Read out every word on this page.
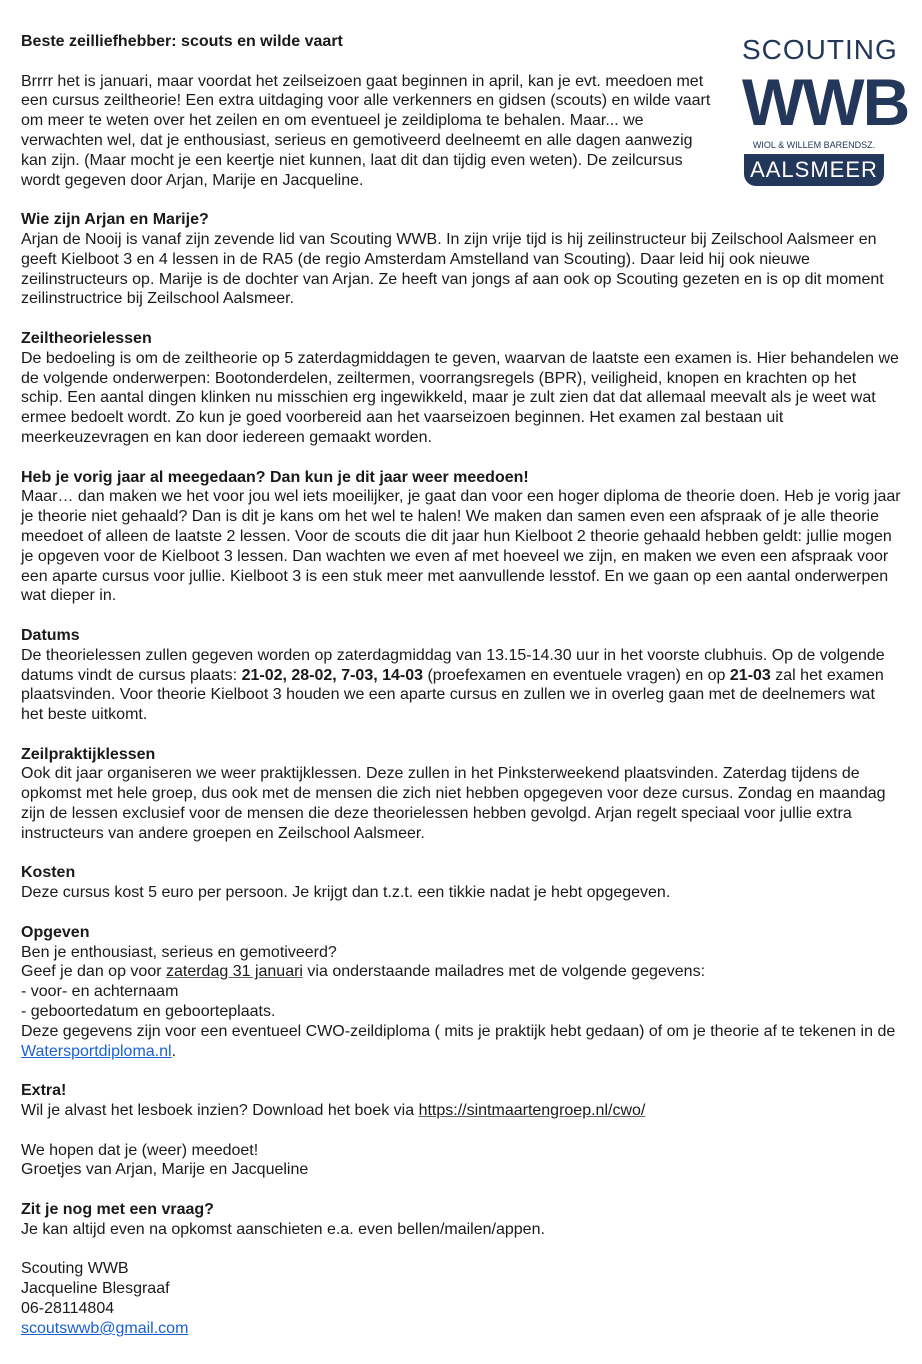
SCOUTING
WWB
WIOL & WILLEM BARENDSZ.
AALSMEER

Beste zeilliefhebber: scouts en wilde vaart

Brrrr het is januari, maar voordat het zeilseizoen gaat beginnen in april, kan je evt. meedoen met een cursus zeiltheorie! Een extra uitdaging voor alle verkenners en gidsen (scouts) en wilde vaart om meer te weten over het zeilen en om eventueel je zeildiploma te behalen. Maar... we verwachten wel, dat je enthousiast, serieus en gemotiveerd deelneemt en alle dagen aanwezig kan zijn. (Maar mocht je een keertje niet kunnen, laat dit dan tijdig even weten). De zeilcursus wordt gegeven door Arjan, Marije en Jacqueline.

Wie zijn Arjan en Marije?

Arjan de Nooij is vanaf zijn zevende lid van Scouting WWB. In zijn vrije tijd is hij zeilinstructeur bij Zeilschool Aalsmeer en geeft Kielboot 3 en 4 lessen in de RA5 (de regio Amsterdam Amstelland van Scouting). Daar leid hij ook nieuwe zeilinstructeurs op. Marije is de dochter van Arjan. Ze heeft van jongs af aan ook op Scouting gezeten en is op dit moment zeilinstructrice bij Zeilschool Aalsmeer.

Zeiltheorielessen

De bedoeling is om de zeiltheorie op 5 zaterdagmiddagen te geven, waarvan de laatste een examen is. Hier behandelen we de volgende onderwerpen: Bootonderdelen, zeiltermen, voorrangsregels (BPR), veiligheid, knopen en krachten op het schip. Een aantal dingen klinken nu misschien erg ingewikkeld, maar je zult zien dat dat allemaal meevalt als je weet wat ermee bedoelt wordt. Zo kun je goed voorbereid aan het vaarseizoen beginnen. Het examen zal bestaan uit meerkeuzevragen en kan door iedereen gemaakt worden.

Heb je vorig jaar al meegedaan? Dan kun je dit jaar weer meedoen!

Maar… dan maken we het voor jou wel iets moeilijker, je gaat dan voor een hoger diploma de theorie doen. Heb je vorig jaar je theorie niet gehaald? Dan is dit je kans om het wel te halen! We maken dan samen even een afspraak of je alle theorie meedoet of alleen de laatste 2 lessen. Voor de scouts die dit jaar hun Kielboot 2 theorie gehaald hebben geldt: jullie mogen je opgeven voor de Kielboot 3 lessen. Dan wachten we even af met hoeveel we zijn, en maken we even een afspraak voor een aparte cursus voor jullie. Kielboot 3 is een stuk meer met aanvullende lesstof. En we gaan op een aantal onderwerpen wat dieper in.

Datums

De theorielessen zullen gegeven worden op zaterdagmiddag van 13.15-14.30 uur in het voorste clubhuis. Op de volgende datums vindt de cursus plaats: 21-02, 28-02, 7-03, 14-03 (proefexamen en eventuele vragen) en op 21-03 zal het examen plaatsvinden. Voor theorie Kielboot 3 houden we een aparte cursus en zullen we in overleg gaan met de deelnemers wat het beste uitkomt.

Zeilpraktijklessen

Ook dit jaar organiseren we weer praktijklessen. Deze zullen in het Pinksterweekend plaatsvinden. Zaterdag tijdens de opkomst met hele groep, dus ook met de mensen die zich niet hebben opgegeven voor deze cursus. Zondag en maandag zijn de lessen exclusief voor de mensen die deze theorielessen hebben gevolgd. Arjan regelt speciaal voor jullie extra instructeurs van andere groepen en Zeilschool Aalsmeer.

Kosten

Deze cursus kost 5 euro per persoon. Je krijgt dan t.z.t. een tikkie nadat je hebt opgegeven.

Opgeven

Ben je enthousiast, serieus en gemotiveerd?
Geef je dan op voor zaterdag 31 januari via onderstaande mailadres met de volgende gegevens:
- voor- en achternaam
- geboortedatum en geboorteplaats.
Deze gegevens zijn voor een eventueel CWO-zeildiploma ( mits je praktijk hebt gedaan) of om je theorie af te tekenen in de Watersportdiploma.nl.

Extra!

Wil je alvast het lesboek inzien? Download het boek via https://sintmaartengroep.nl/cwo/

We hopen dat je (weer) meedoet!
Groetjes van Arjan, Marije en Jacqueline

Zit je nog met een vraag?

Je kan altijd even na opkomst aanschieten e.a. even bellen/mailen/appen.

Scouting WWB

Jacqueline Blesgraaf

06-28114804

scoutswwb@gmail.com
